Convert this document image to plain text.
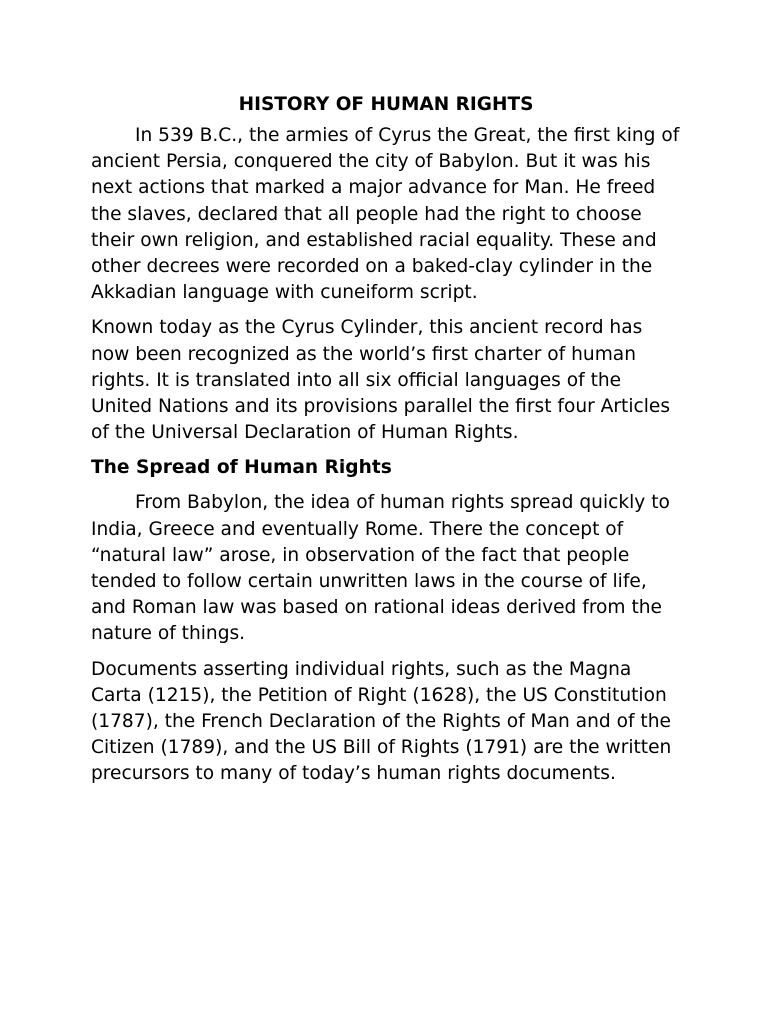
HISTORY OF HUMAN RIGHTS

In 539 B.C., the armies of Cyrus the Great, the first king of ancient Persia, conquered the city of Babylon. But it was his next actions that marked a major advance for Man. He freed the slaves, declared that all people had the right to choose their own religion, and established racial equality. These and other decrees were recorded on a baked-clay cylinder in the Akkadian language with cuneiform script.

Known today as the Cyrus Cylinder, this ancient record has now been recognized as the world’s first charter of human rights. It is translated into all six official languages of the United Nations and its provisions parallel the first four Articles of the Universal Declaration of Human Rights.

The Spread of Human Rights

From Babylon, the idea of human rights spread quickly to India, Greece and eventually Rome. There the concept of “natural law” arose, in observation of the fact that people tended to follow certain unwritten laws in the course of life, and Roman law was based on rational ideas derived from the nature of things.

Documents asserting individual rights, such as the Magna Carta (1215), the Petition of Right (1628), the US Constitution (1787), the French Declaration of the Rights of Man and of the Citizen (1789), and the US Bill of Rights (1791) are the written precursors to many of today’s human rights documents.
